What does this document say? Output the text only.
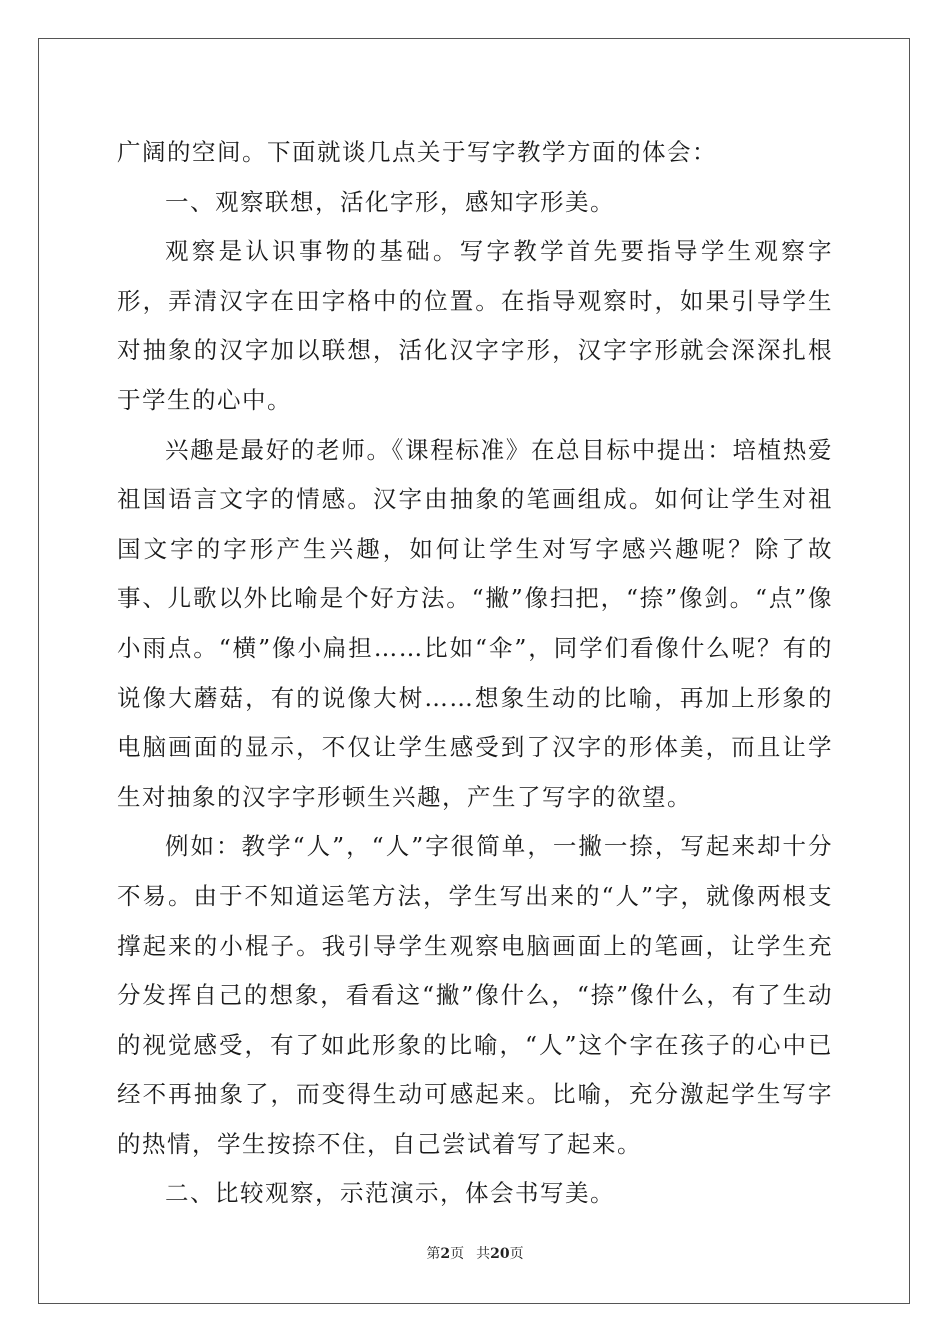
广阔的空间。下面就谈几点关于写字教学方面的体会：

一、观察联想，活化字形，感知字形美。

观察是认识事物的基础。写字教学首先要指导学生观察字形，弄清汉字在田字格中的位置。在指导观察时，如果引导学生对抽象的汉字加以联想，活化汉字字形，汉字字形就会深深扎根于学生的心中。

兴趣是最好的老师。《课程标准》在总目标中提出：培植热爱祖国语言文字的情感。汉字由抽象的笔画组成。如何让学生对祖国文字的字形产生兴趣，如何让学生对写字感兴趣呢？除了故事、儿歌以外比喻是个好方法。“撇”像扫把，“捺”像剑。“点”像小雨点。“横”像小扁担……比如“伞”，同学们看像什么呢？有的说像大蘑菇，有的说像大树……想象生动的比喻，再加上形象的电脑画面的显示，不仅让学生感受到了汉字的形体美，而且让学生对抽象的汉字字形顿生兴趣，产生了写字的欲望。

例如：教学“人”，“人”字很简单，一撇一捺，写起来却十分不易。由于不知道运笔方法，学生写出来的“人”字，就像两根支撑起来的小棍子。我引导学生观察电脑画面上的笔画，让学生充分发挥自己的想象，看看这“撇”像什么，“捺”像什么，有了生动的视觉感受，有了如此形象的比喻，“人”这个字在孩子的心中已经不再抽象了，而变得生动可感起来。比喻，充分激起学生写字的热情，学生按捺不住，自己尝试着写了起来。

二、比较观察，示范演示，体会书写美。

第2页 共20页
